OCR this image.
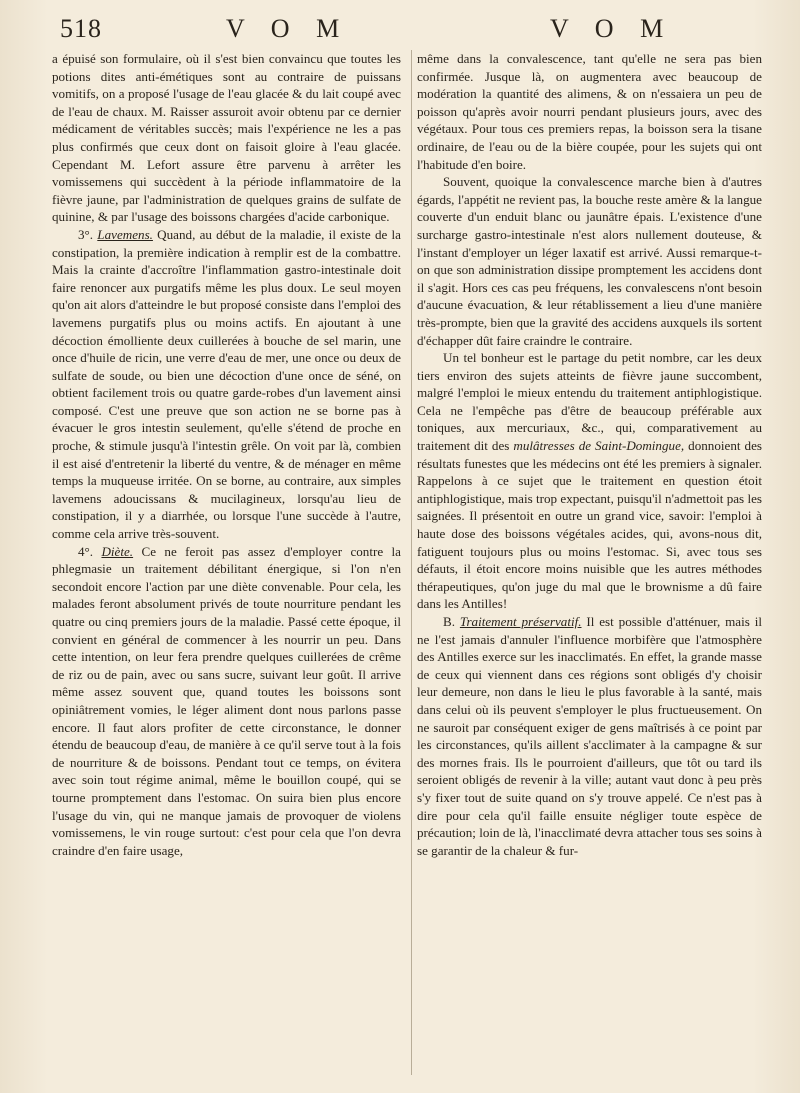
518	V O M	V O M

a épuisé son formulaire, où il s'est bien convaincu que toutes les potions dites anti-émétiques sont au contraire de puissans vomitifs, on a proposé l'usage de l'eau glacée & du lait coupé avec de l'eau de chaux. M. Raisser assuroit avoir obtenu par ce dernier médicament de véritables succès; mais l'expérience ne les a pas plus confirmés que ceux dont on faisoit gloire à l'eau glacée. Cependant M. Lefort assure être parvenu à arrêter les vomissemens qui succèdent à la période inflammatoire de la fièvre jaune, par l'administration de quelques grains de sulfate de quinine, & par l'usage des boissons chargées d'acide carbonique.

3°. Lavemens. Quand, au début de la maladie, il existe de la constipation, la première indication à remplir est de la combattre. Mais la crainte d'accroître l'inflammation gastro-intestinale doit faire renoncer aux purgatifs même les plus doux. Le seul moyen qu'on ait alors d'atteindre le but proposé consiste dans l'emploi des lavemens purgatifs plus ou moins actifs. En ajoutant à une décoction émolliente deux cuillerées à bouche de sel marin, une once d'huile de ricin, une verre d'eau de mer, une once ou deux de sulfate de soude, ou bien une décoction d'une once de séné, on obtient facilement trois ou quatre garde-robes d'un lavement ainsi composé. C'est une preuve que son action ne se borne pas à évacuer le gros intestin seulement, qu'elle s'étend de proche en proche, & stimule jusqu'à l'intestin grêle. On voit par là, combien il est aisé d'entretenir la liberté du ventre, & de ménager en même temps la muqueuse irritée. On se borne, au contraire, aux simples lavemens adoucissans & mucilagineux, lorsqu'au lieu de constipation, il y a diarrhée, ou lorsque l'une succède à l'autre, comme cela arrive très-souvent.

4°. Diète. Ce ne feroit pas assez d'employer contre la phlegmasie un traitement débilitant énergique, si l'on n'en secondoit encore l'action par une diète convenable. Pour cela, les malades feront absolument privés de toute nourriture pendant les quatre ou cinq premiers jours de la maladie. Passé cette époque, il convient en général de commencer à les nourrir un peu. Dans cette intention, on leur fera prendre quelques cuillerées de crême de riz ou de pain, avec ou sans sucre, suivant leur goût. Il arrive même assez souvent que, quand toutes les boissons sont opiniâtrement vomies, le léger aliment dont nous parlons passe encore. Il faut alors profiter de cette circonstance, le donner étendu de beaucoup d'eau, de manière à ce qu'il serve tout à la fois de nourriture & de boissons. Pendant tout ce temps, on évitera avec soin tout régime animal, même le bouillon coupé, qui se tourne promptement dans l'estomac. On suira bien plus encore l'usage du vin, qui ne manque jamais de provoquer de violens vomissemens, le vin rouge surtout: c'est pour cela que l'on devra craindre d'en faire usage,

même dans la convalescence, tant qu'elle ne sera pas bien confirmée. Jusque là, on augmentera avec beaucoup de modération la quantité des alimens, & on n'essaiera un peu de poisson qu'après avoir nourri pendant plusieurs jours, avec des végétaux. Pour tous ces premiers repas, la boisson sera la tisane ordinaire, de l'eau ou de la bière coupée, pour les sujets qui ont l'habitude d'en boire.

Souvent, quoique la convalescence marche bien à d'autres égards, l'appétit ne revient pas, la bouche reste amère & la langue couverte d'un enduit blanc ou jaunâtre épais. L'existence d'une surcharge gastro-intestinale n'est alors nullement douteuse, & l'instant d'employer un léger laxatif est arrivé. Aussi remarque-t-on que son administration dissipe promptement les accidens dont il s'agit. Hors ces cas peu fréquens, les convalescens n'ont besoin d'aucune évacuation, & leur rétablissement a lieu d'une manière très-prompte, bien que la gravité des accidens auxquels ils sortent d'échapper dût faire craindre le contraire.

Un tel bonheur est le partage du petit nombre, car les deux tiers environ des sujets atteints de fièvre jaune succombent, malgré l'emploi le mieux entendu du traitement antiphlogistique. Cela ne l'empêche pas d'être de beaucoup préférable aux toniques, aux mercuriaux, &c., qui, comparativement au traitement dit des mulâtresses de Saint-Domingue, donnoient des résultats funestes que les médecins ont été les premiers à signaler. Rappelons à ce sujet que le traitement en question étoit antiphlogistique, mais trop expectant, puisqu'il n'admettoit pas les saignées. Il présentoit en outre un grand vice, savoir: l'emploi à haute dose des boissons végétales acides, qui, avons-nous dit, fatiguent toujours plus ou moins l'estomac. Si, avec tous ses défauts, il étoit encore moins nuisible que les autres méthodes thérapeutiques, qu'on juge du mal que le brownisme a dû faire dans les Antilles!

B. Traitement préservatif. Il est possible d'atténuer, mais il ne l'est jamais d'annuler l'influence morbifère que l'atmosphère des Antilles exerce sur les inacclimatés. En effet, la grande masse de ceux qui viennent dans ces régions sont obligés d'y choisir leur demeure, non dans le lieu le plus favorable à la santé, mais dans celui où ils peuvent s'employer le plus fructueusement. On ne sauroit par conséquent exiger de gens maîtrisés à ce point par les circonstances, qu'ils aillent s'acclimater à la campagne & sur des mornes frais. Ils le pourroient d'ailleurs, que tôt ou tard ils seroient obligés de revenir à la ville; autant vaut donc à peu près s'y fixer tout de suite quand on s'y trouve appelé. Ce n'est pas à dire pour cela qu'il faille ensuite négliger toute espèce de précaution; loin de là, l'inacclimaté devra attacher tous ses soins à se garantir de la chaleur & fur-
